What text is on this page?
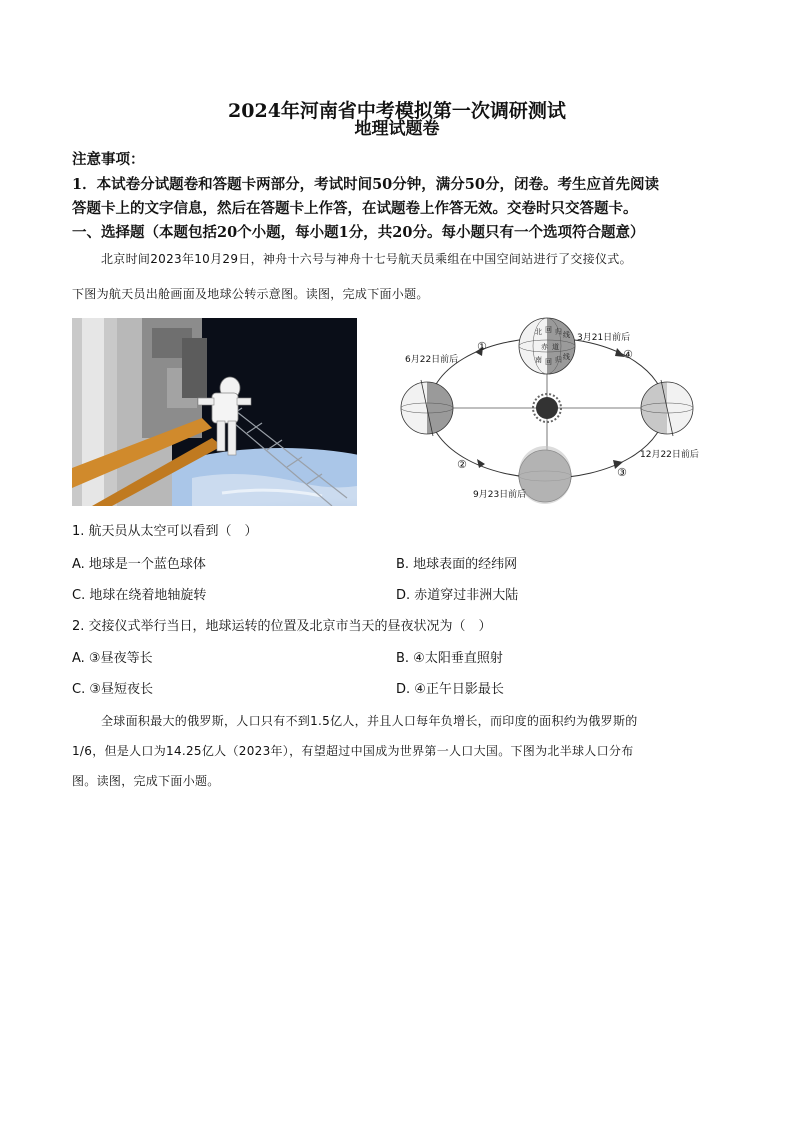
2024年河南省中考模拟第一次调研测试
地理试题卷
注意事项：
1．本试卷分试题卷和答题卡两部分，考试时间50分钟，满分50分，闭卷。考生应首先阅读
答题卡上的文字信息，然后在答题卡上作答，在试题卷上作答无效。交卷时只交答题卡。
一、选择题（本题包括20个小题，每小题1分，共20分。每小题只有一个选项符合题意）
北京时间2023年10月29日，神舟十六号与神舟十七号航天员乘组在中国空间站进行了交接仪式。
下图为航天员出舱画面及地球公转示意图。读图，完成下面小题。
北 回 归 线
赤 道
南 回 归 线
3月21日前后
6月22日前后
12月22日前后
9月23日前后
①
②
③
④
1. 航天员从太空可以看到（　）
A. 地球是一个蓝色球体	B. 地球表面的经纬网
C. 地球在绕着地轴旋转	D. 赤道穿过非洲大陆
2. 交接仪式举行当日，地球运转的位置及北京市当天的昼夜状况为（　）
A. ③昼夜等长	B. ④太阳垂直照射
C. ③昼短夜长	D. ④正午日影最长
全球面积最大的俄罗斯，人口只有不到1.5亿人，并且人口每年负增长，而印度的面积约为俄罗斯的
1/6，但是人口为14.25亿人（2023年），有望超过中国成为世界第一人口大国。下图为北半球人口分布
图。读图，完成下面小题。
